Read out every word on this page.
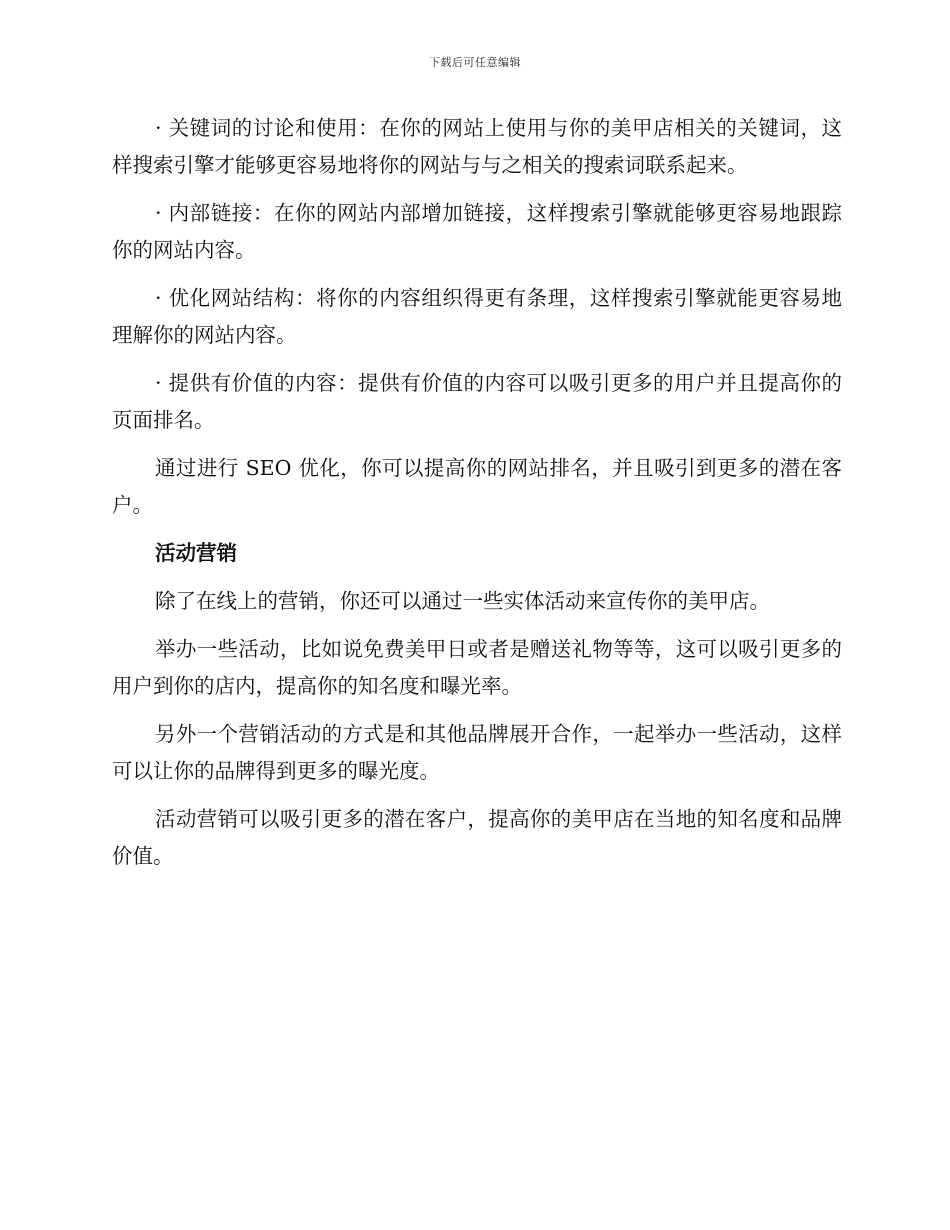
下载后可任意编辑

· 关键词的讨论和使用：在你的网站上使用与你的美甲店相关的关键词，这样搜索引擎才能够更容易地将你的网站与与之相关的搜索词联系起来。

· 内部链接：在你的网站内部增加链接，这样搜索引擎就能够更容易地跟踪你的网站内容。

· 优化网站结构：将你的内容组织得更有条理，这样搜索引擎就能更容易地理解你的网站内容。

· 提供有价值的内容：提供有价值的内容可以吸引更多的用户并且提高你的页面排名。

通过进行 SEO 优化，你可以提高你的网站排名，并且吸引到更多的潜在客户。

活动营销

除了在线上的营销，你还可以通过一些实体活动来宣传你的美甲店。

举办一些活动，比如说免费美甲日或者是赠送礼物等等，这可以吸引更多的用户到你的店内，提高你的知名度和曝光率。

另外一个营销活动的方式是和其他品牌展开合作，一起举办一些活动，这样可以让你的品牌得到更多的曝光度。

活动营销可以吸引更多的潜在客户，提高你的美甲店在当地的知名度和品牌价值。
